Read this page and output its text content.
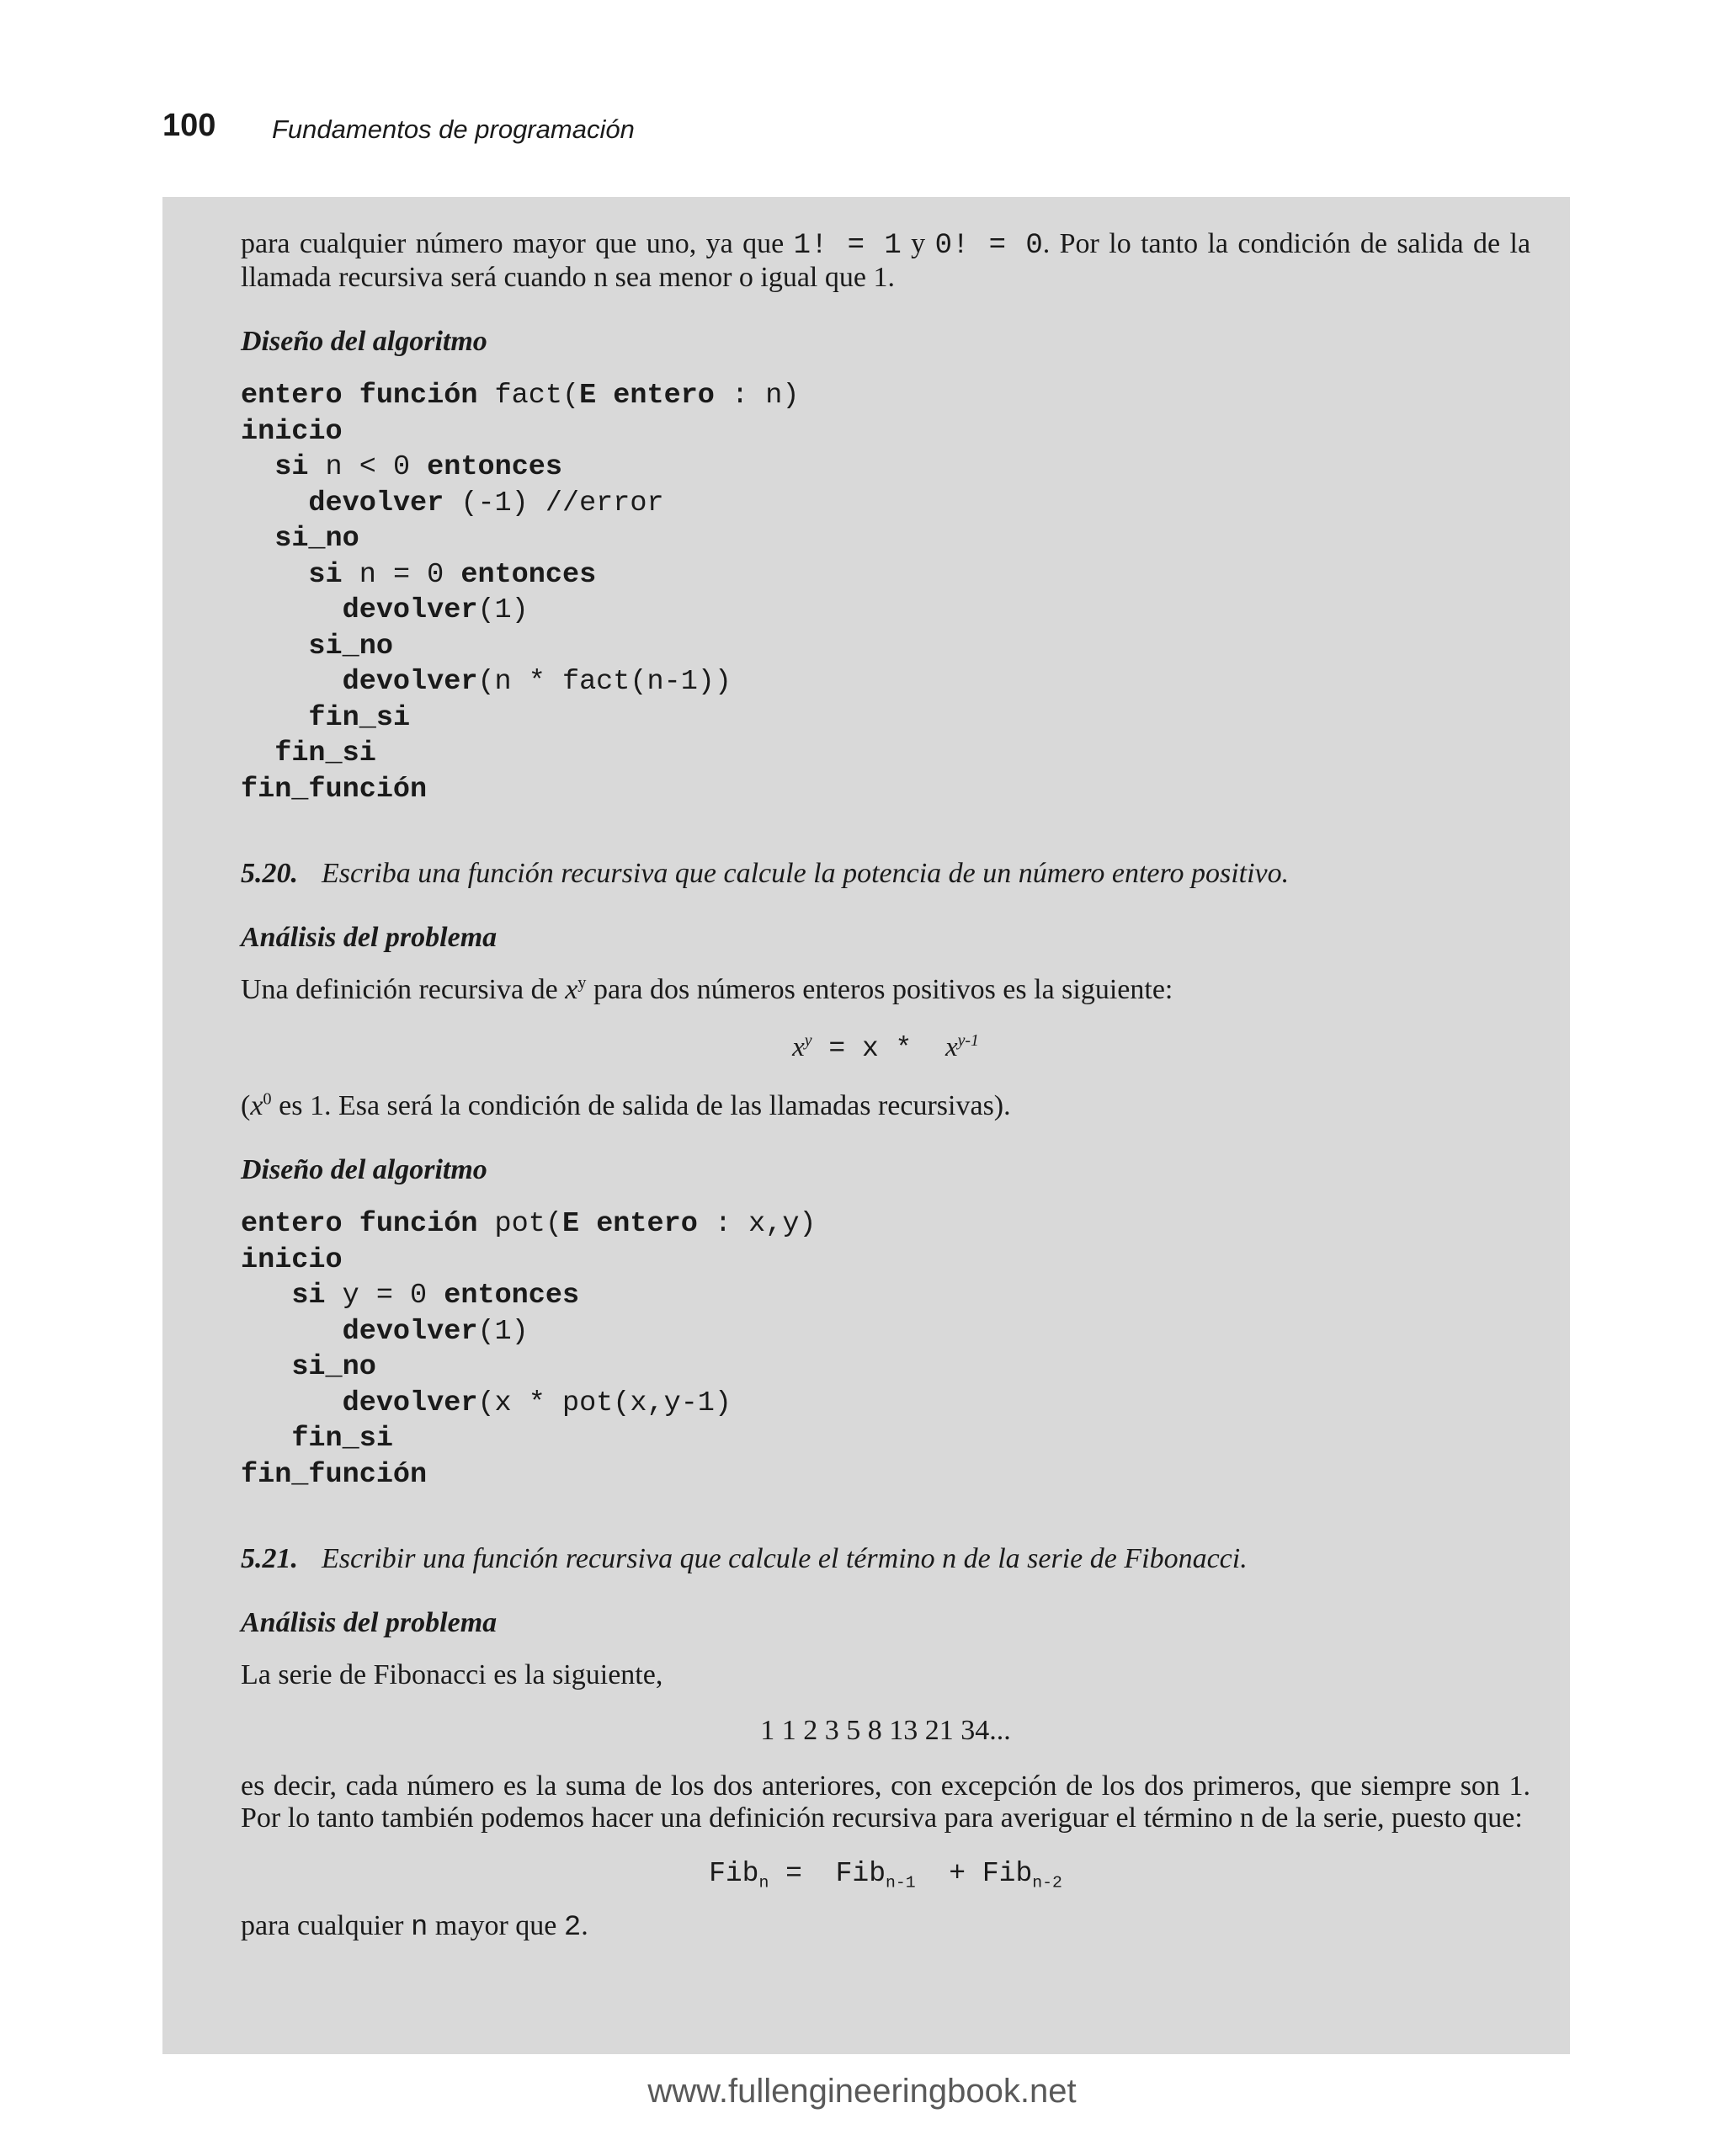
100 Fundamentos de programación

para cualquier número mayor que uno, ya que 1! = 1 y 0! = 0. Por lo tanto la condición de salida de la llamada recursiva será cuando n sea menor o igual que 1.

Diseño del algoritmo

entero función fact(E entero : n)
inicio
si n < 0 entonces
devolver (-1) //error
si_no
si n = 0 entonces
devolver(1)
si_no
devolver(n * fact(n-1))
fin_si
fin_si
fin_función

5.20. Escriba una función recursiva que calcule la potencia de un número entero positivo.

Análisis del problema

Una definición recursiva de $x^y$ para dos números enteros positivos es la siguiente:

$x^y = x * x^{y-1}$

($x^0$ es 1. Esa será la condición de salida de las llamadas recursivas).

Diseño del algoritmo

entero función pot(E entero : x,y)
inicio
si y = 0 entonces
devolver(1)
si_no
devolver(x * pot(x,y-1)
fin_si
fin_función

5.21. Escribir una función recursiva que calcule el término n de la serie de Fibonacci.

Análisis del problema

La serie de Fibonacci es la siguiente,

1 1 2 3 5 8 13 21 34...

es decir, cada número es la suma de los dos anteriores, con excepción de los dos primeros, que siempre son 1. Por lo tanto también podemos hacer una definición recursiva para averiguar el término n de la serie, puesto que:

Fib$_n$ =  Fib$_{n-1}$  + Fib$_{n-2}$

para cualquier n mayor que 2.

www.fullengineeringbook.net
